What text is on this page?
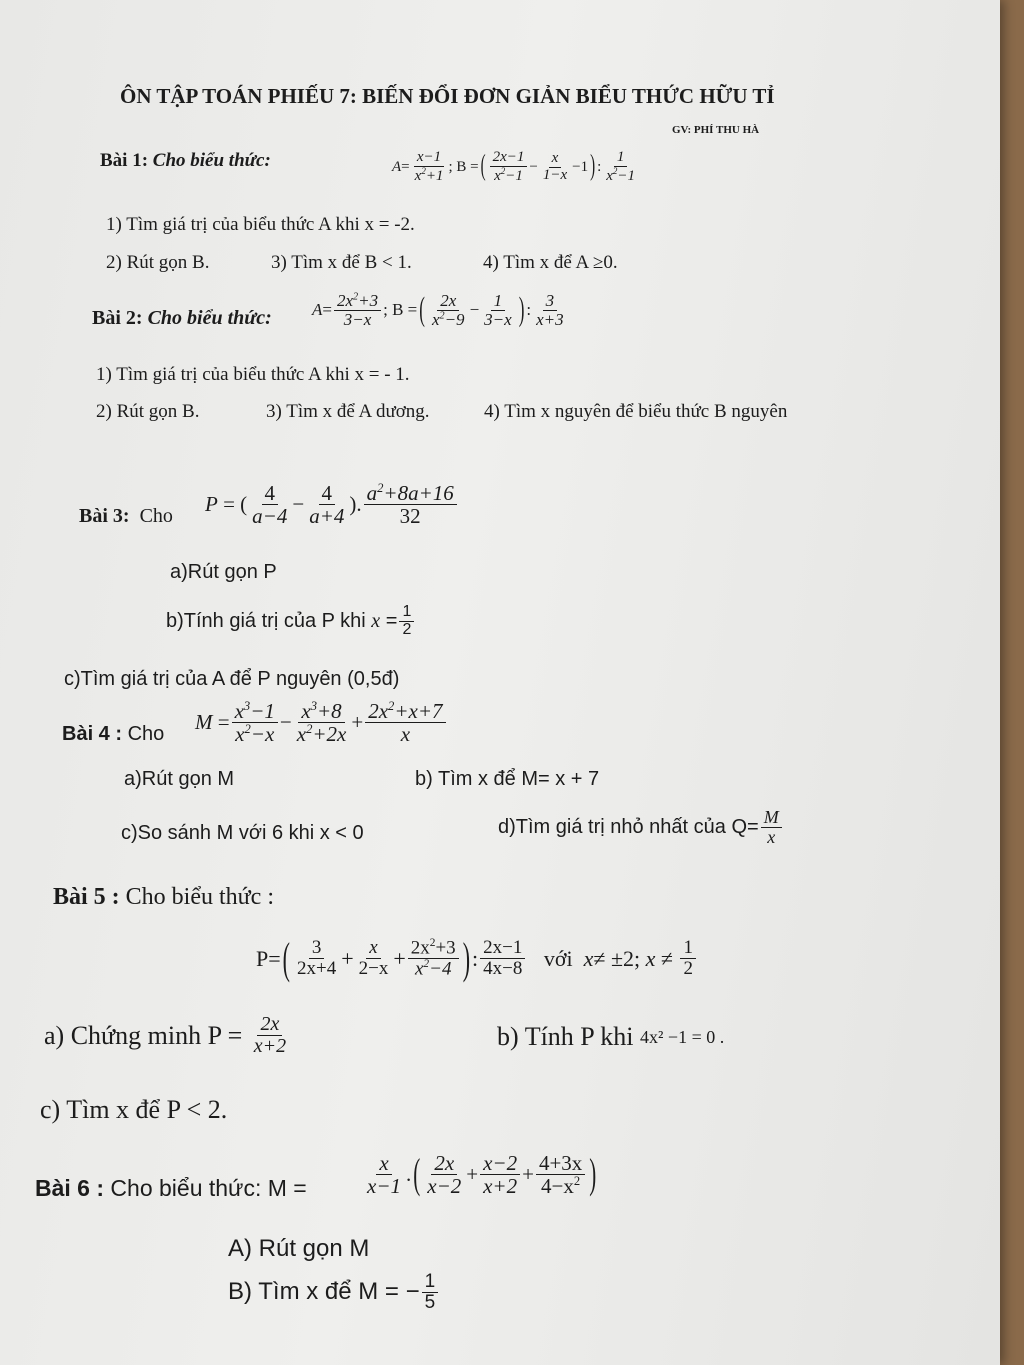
ÔN TẬP TOÁN PHIẾU 7: BIẾN ĐỔI ĐƠN GIẢN BIỂU THỨC HỮU TỈ
GV: PHÍ THU HÀ
Bài 1:
Cho biểu thức:	A =
x−1
$x^2+1$
; B = ( 2x−1
$x^2-1$
−
x
1−x −1 ) :
1
$x^2-1$
1) Tìm giá trị của biểu thức A khi x = -2.
2) Rút gọn B.	3) Tìm x để B < 1.	4) Tìm x để A ≥0.
Bài 2:
Cho biểu thức: $A = 2x^2+3$
3−x ; B = ( 2x
$x^2-9 - 1$
3−x ) : 3
x+3
1) Tìm giá trị của biểu thức A khi x = - 1.
2) Rút gọn B.	3) Tìm x để A dương.	4) Tìm x nguyên để biểu thức B nguyên
Bài 3:
Cho P = ( 4
a−4 − 4
a+4 ). $a^2+8a+16$
32
a)Rút gọn P
b)Tính giá trị của P khi
x = 1
2
c)Tìm giá trị của A để P nguyên (0,5đ)
Bài 4 :
Cho $M = x^3-1$
$x^2-x - x^3+8$
$x^2+2x + 2x^2+x+7$
x
a)Rút gọn M	b) Tìm x để M= x + 7
c)So sánh M với 6 khi x < 0	d)Tìm giá trị nhỏ nhất của $Q= \frac{M}{x}$
Bài 5 :
Cho biểu thức :
P= ( 3
2x+4 + x
$2-x + 2x^2+3$
$x^2-4$ ) : 2x−1
4x−8
với
x ≠ ±2; x ≠ 1
2
a) Chứng minh P =
$\frac{2x}{x+2}$	b) Tính P khi
4x² −1 = 0 .
c) Tìm x để P < 2.
Bài 6 :
Cho biểu thức: M =
x
x−1 . ( 2x
x−2 + x−2
x+2 + 4+3x
$4-x^2$ )
A) Rút gọn M
B) Tìm x để M = − $\frac{1}{5}$
